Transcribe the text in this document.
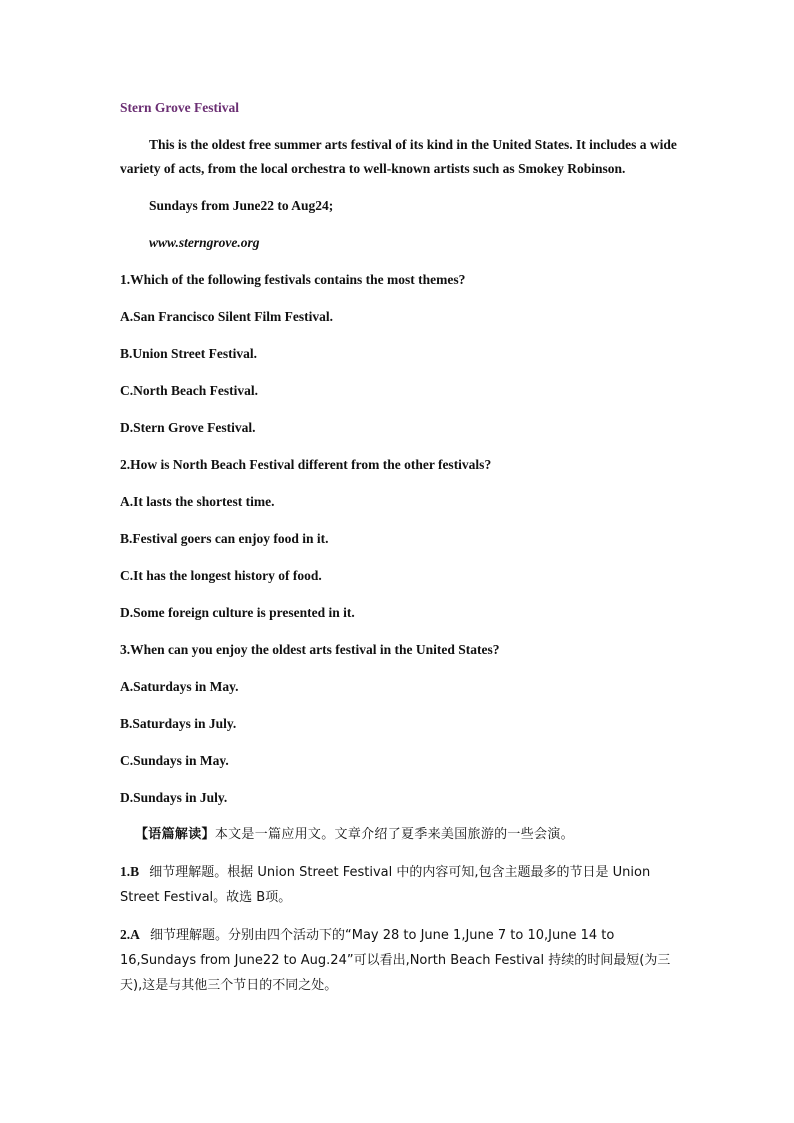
Stern Grove Festival
This is the oldest free summer arts festival of its kind in the United States. It includes a wide variety of acts, from the local orchestra to well-known artists such as Smokey Robinson.
Sundays from June22 to Aug24;
www.sterngrove.org
1.Which of the following festivals contains the most themes?
A.San Francisco Silent Film Festival.
B.Union Street Festival.
C.North Beach Festival.
D.Stern Grove Festival.
2.How is North Beach Festival different from the other festivals?
A.It lasts the shortest time.
B.Festival goers can enjoy food in it.
C.It has the longest history of food.
D.Some foreign culture is presented in it.
3.When can you enjoy the oldest arts festival in the United States?
A.Saturdays in May.
B.Saturdays in July.
C.Sundays in May.
D.Sundays in July.
【语篇解读】本文是一篇应用文。文章介绍了夏季来美国旅游的一些会演。
1.B 细节理解题。根据 Union Street Festival 中的内容可知,包含主题最多的节日是 Union Street Festival。故选 B项。
2.A 细节理解题。分别由四个活动下的“May 28 to June 1,June 7 to 10,June 14 to 16,Sundays from June22 to Aug.24”可以看出,North Beach Festival 持续的时间最短(为三天),这是与其他三个节日的不同之处。
